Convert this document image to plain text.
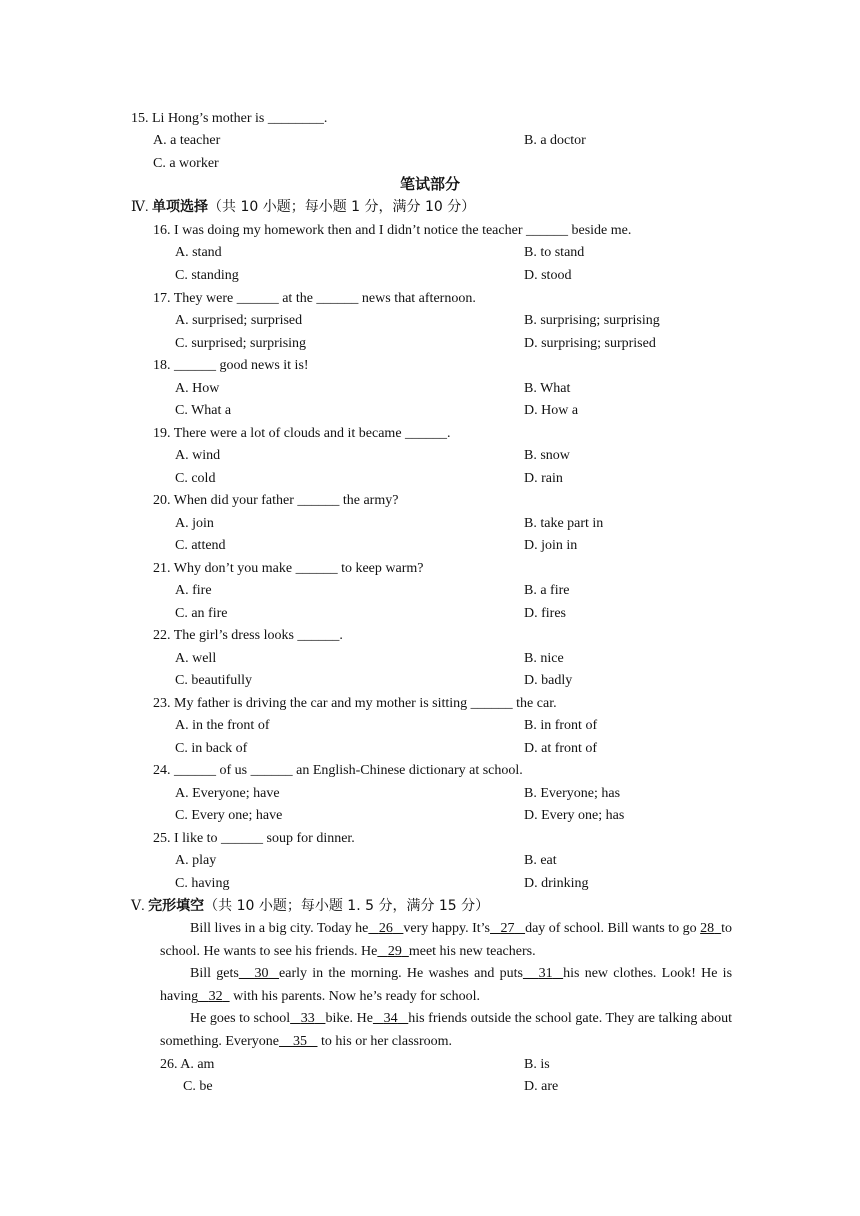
15. Li Hong’s mother is ________.
A. a teacher	B. a doctor
C. a worker
笔试部分
Ⅳ. 单项选择（共 10 小题；每小题 1 分，满分 10 分）
16. I was doing my homework then and I didn’t notice the teacher ______ beside me.
A. stand	B. to stand
C. standing	D. stood
17. They were ______ at the ______ news that afternoon.
A. surprised; surprised	B. surprising; surprising
C. surprised; surprising	D. surprising; surprised
18. ______ good news it is!
A. How	B. What
C. What a	D. How a
19. There were a lot of clouds and it became ______.
A. wind	B. snow
C. cold	D. rain
20. When did your father ______ the army?
A. join	B. take part in
C. attend	D. join in
21. Why don’t you make ______ to keep warm?
A. fire	B. a fire
C. an fire	D. fires
22. The girl’s dress looks ______.
A. well	B. nice
C. beautifully	D. badly
23. My father is driving the car and my mother is sitting ______ the car.
A. in the front of	B. in front of
C. in back of	D. at front of
24. ______ of us ______ an English-Chinese dictionary at school.
A. Everyone; have	B. Everyone; has
C. Every one; have	D. Every one; has
25. I like to ______ soup for dinner.
A. play	B. eat
C. having	D. drinking
Ⅴ. 完形填空（共 10 小题；每小题 1. 5 分，满分 15 分）

Bill lives in a big city. Today he 26 very happy. It’s 27 day of school. Bill wants to go 28 to school. He wants to see his friends. He 29 meet his new teachers.

Bill gets 30 early in the morning. He washes and puts 31 his new clothes. Look! He is having 32 with his parents. Now he’s ready for school.

He goes to school 33 bike. He 34 his friends outside the school gate. They are talking about something. Everyone 35 to his or her classroom.

26. A. am	B. is
C. be	D. are
